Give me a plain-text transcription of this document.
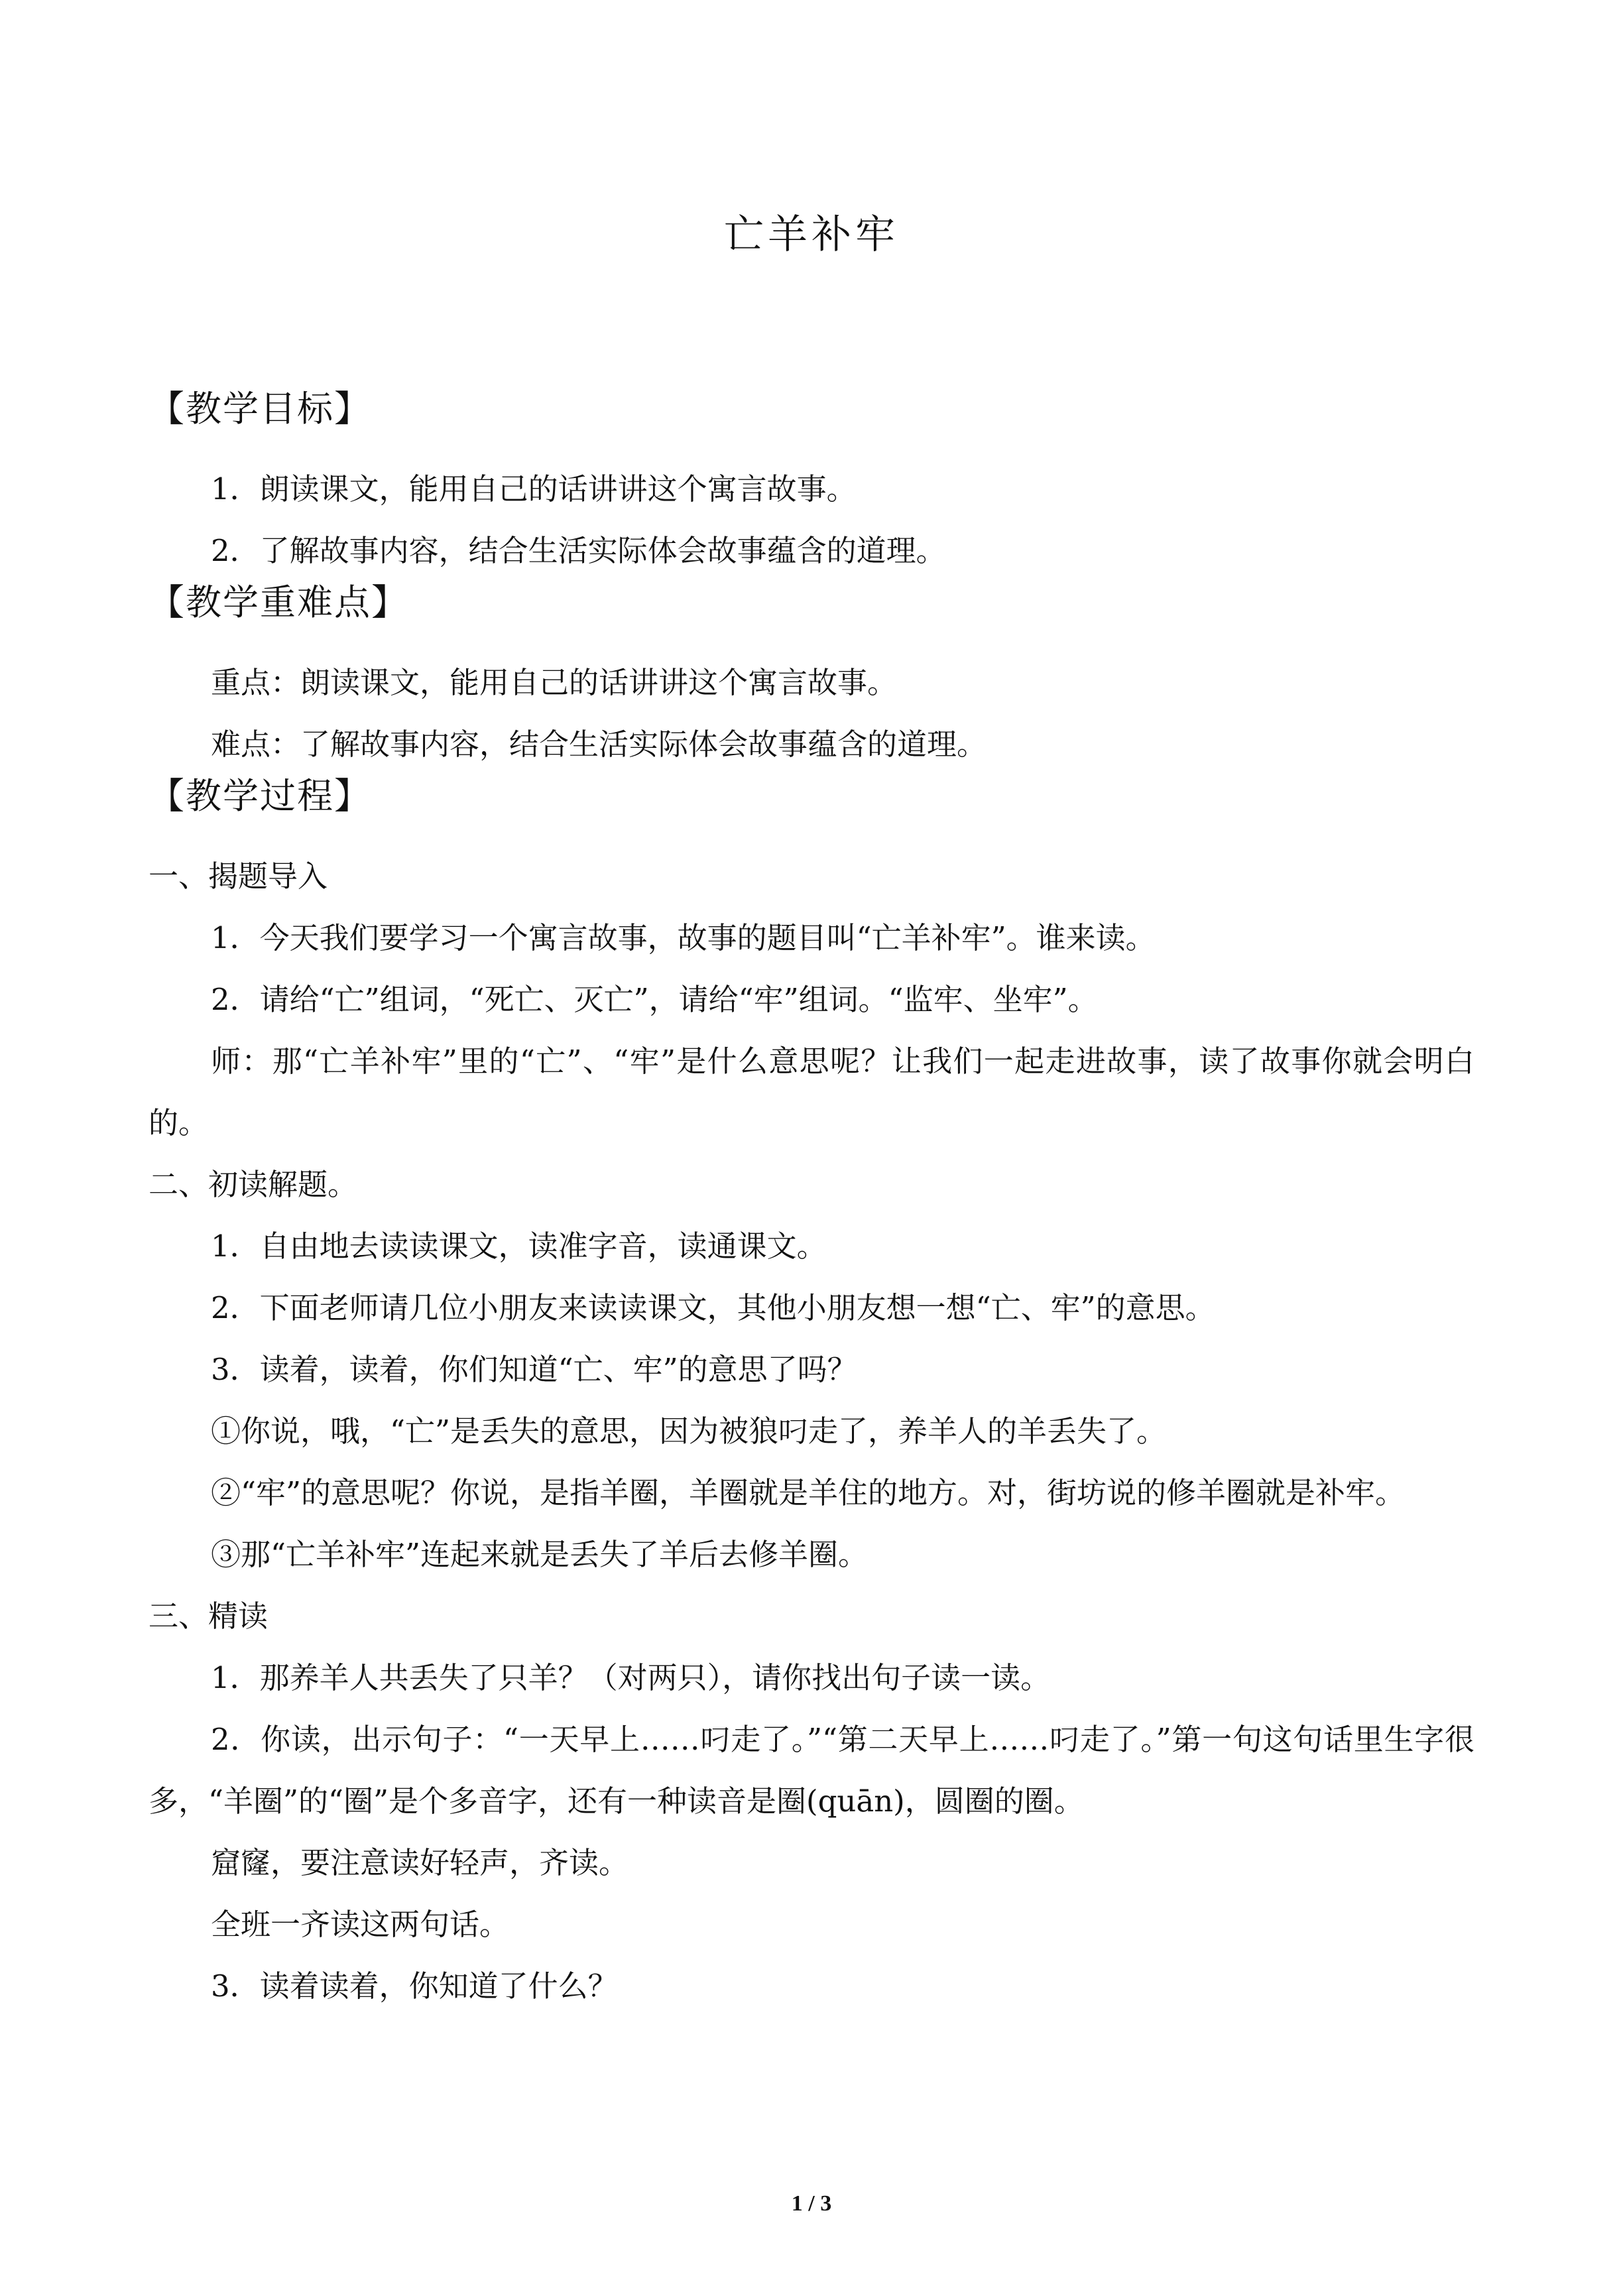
亡羊补牢
【教学目标】

1．朗读课文，能用自己的话讲讲这个寓言故事。

2．了解故事内容，结合生活实际体会故事蕴含的道理。

【教学重难点】

重点：朗读课文，能用自己的话讲讲这个寓言故事。

难点：了解故事内容，结合生活实际体会故事蕴含的道理。

【教学过程】

一、揭题导入

1．今天我们要学习一个寓言故事，故事的题目叫“亡羊补牢”。谁来读。

2．请给“亡”组词，“死亡、灭亡”，请给“牢”组词。“监牢、坐牢”。

师：那“亡羊补牢”里的“亡”、“牢”是什么意思呢？让我们一起走进故事，读了故事你就会明白的。

二、初读解题。

1．自由地去读读课文，读准字音，读通课文。

2．下面老师请几位小朋友来读读课文，其他小朋友想一想“亡、牢”的意思。

3．读着，读着，你们知道“亡、牢”的意思了吗？

①你说，哦，“亡”是丢失的意思，因为被狼叼走了，养羊人的羊丢失了。

②“牢”的意思呢？你说，是指羊圈，羊圈就是羊住的地方。对，街坊说的修羊圈就是补牢。

③那“亡羊补牢”连起来就是丢失了羊后去修羊圈。

三、精读

1．那养羊人共丢失了只羊？（对两只），请你找出句子读一读。

2．你读，出示句子：“一天早上……叼走了。”“第二天早上……叼走了。”第一句这句话里生字很多，“羊圈”的“圈”是个多音字，还有一种读音是圈(quān)，圆圈的圈。

窟窿，要注意读好轻声，齐读。

全班一齐读这两句话。

3．读着读着，你知道了什么？

1 / 3
